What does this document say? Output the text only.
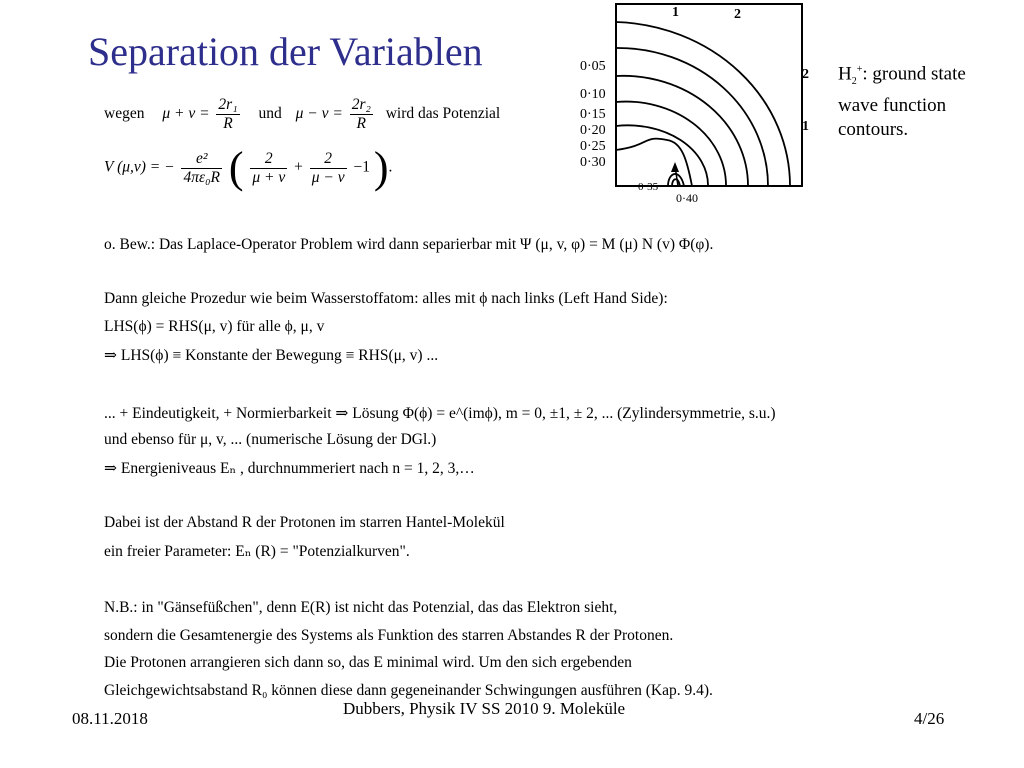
Separation der Variablen
1	2
2
1
0·05
0·10
0·15
0·20
0·25
0·30
0·35
0·40
$H_2^+$: ground state
wave function
contours.
wegen $\mu + v = \frac{\text{2r₁}}{R}$ und $\mu - v = \frac{\text{2r₂}}{R}$ wird das Potenzial
V (μ,v) = − $\frac{\text{e²}}{\text{4πε₀R}}$ ( $\frac{2}{\mu + v} + \frac{2}{\mu - v} -1$ ).
o. Bew.: Das Laplace-Operator Problem wird dann separierbar mit Ψ (μ, v, φ) = M (μ) N (v) Φ(φ).
Dann gleiche Prozedur wie beim Wasserstoffatom: alles mit ϕ nach links (Left Hand Side):
LHS(ϕ) = RHS(μ, v) für alle ϕ, μ, v
⇒ LHS(ϕ) ≡ Konstante der Bewegung ≡ RHS(μ, v) ...
... + Eindeutigkeit, + Normierbarkeit ⇒ Lösung Φ(ϕ) = e^(imϕ), m = 0, ±1, ± 2, ... (Zylindersymmetrie, s.u.)
und ebenso für μ, v, ... (numerische Lösung der DGl.)
⇒ Energieniveaus Eₙ , durchnummeriert nach n = 1, 2, 3,…
Dabei ist der Abstand R der Protonen im starren Hantel-Molekül
ein freier Parameter: Eₙ (R) = "Potenzialkurven".
N.B.: in "Gänsefüßchen", denn E(R) ist nicht das Potenzial, das das Elektron sieht,
sondern die Gesamtenergie des Systems als Funktion des starren Abstandes R der Protonen.
Die Protonen arrangieren sich dann so, das E minimal wird. Um den sich ergebenden
Gleichgewichtsabstand R₀ können diese dann gegeneinander Schwingungen ausführen (Kap. 9.4).
08.11.2018
Dubbers, Physik IV SS 2010 9. Moleküle
4/26
